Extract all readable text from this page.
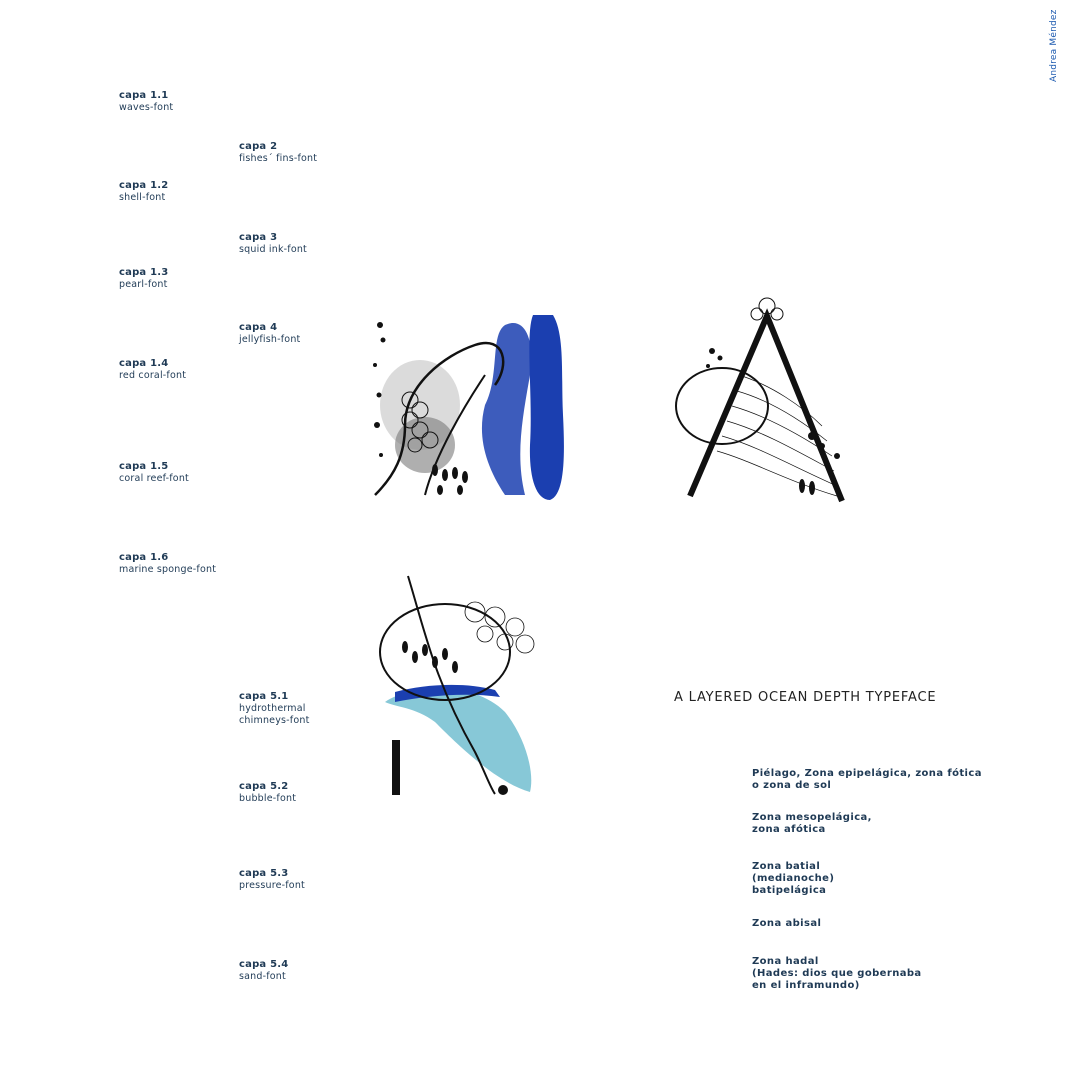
Andrea Méndez
capa 1.1
waves-font
capa 2
fishes´ fins-font
capa 1.2
shell-font
capa 3
squid ink-font
capa 1.3
pearl-font
capa 4
jellyfish-font
capa 1.4
red coral-font
capa 1.5
coral reef-font
capa 1.6
marine sponge-font
capa 5.1
hydrothermal
chimneys-font
capa 5.2
bubble-font
capa 5.3
pressure-font
capa 5.4
sand-font
A LAYERED OCEAN DEPTH TYPEFACE
Piélago, Zona epipelágica, zona fótica
o zona de sol
Zona mesopelágica,
zona afótica
Zona batial
(medianoche)
batipelágica
Zona abisal
Zona hadal
(Hades: dios que gobernaba
en el inframundo)
